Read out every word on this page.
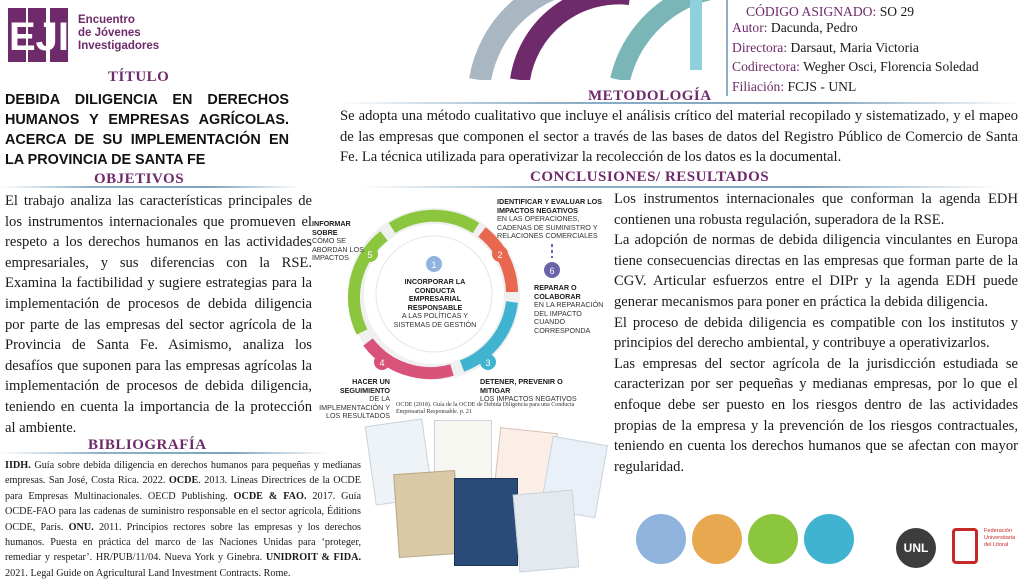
EJI Encuentro
de Jóvenes
Investigadores
CÓDIGO ASIGNADO: SO 29
Autor: Dacunda, Pedro
Directora: Darsaut, Maria Victoria
Codirectora: Wegher Osci, Florencia Soledad
Filiación: FCJS - UNL
TÍTULO
DEBIDA DILIGENCIA EN DERECHOS HUMANOS Y EMPRESAS AGRÍCOLAS. ACERCA DE SU IMPLEMENTACIÓN EN LA PROVINCIA DE SANTA FE
METODOLOGÍA
Se adopta una método cualitativo que incluye el análisis crítico del material recopilado y sistematizado, y el mapeo de las empresas que componen el sector a través de las bases de datos del Registro Público de Comercio de Santa Fe. La técnica utilizada para operativizar la recolección de los datos es la documental.
OBJETIVOS
El trabajo analiza las características principales de los instrumentos internacionales que promueven el respeto a los derechos humanos en las actividades empresariales, y sus diferencias con la RSE. Examina la factibilidad y sugiere estrategias para la implementación de procesos de debida diligencia por parte de las empresas del sector agrícola de la Provincia de Santa Fe. Asimismo, analiza los desafíos que suponen para las empresas agrícolas la implementación de procesos de debida diligencia, teniendo en cuenta la importancia de la protección al ambiente.
CONCLUSIONES/ RESULTADOS
Los instrumentos internacionales que conforman la agenda EDH contienen una robusta regulación, superadora de la RSE.
La adopción de normas de debida diligencia vinculantes en Europa tiene consecuencias directas en las empresas que forman parte de la CGV. Articular esfuerzos entre el DIPr y la agenda EDH puede generar mecanismos para poner en práctica la debida diligencia.
El proceso de debida diligencia es compatible con los institutos y principios del derecho ambiental, y contribuye a operativizarlos.
Las empresas del sector agrícola de la jurisdicción estudiada se caracterizan por ser pequeñas y medianas empresas, por lo que el enfoque debe ser puesto en los riesgos dentro de las actividades propias de la empresa y la prevención de los riesgos contractuales, teniendo en cuenta los derechos humanos que se afectan con mayor regularidad.
1
2
3
4
5
6
INCORPORAR LA CONDUCTA EMPRESARIAL RESPONSABLE
A LAS POLÍTICAS Y SISTEMAS DE GESTIÓN
IDENTIFICAR Y EVALUAR LOS IMPACTOS NEGATIVOS
EN LAS OPERACIONES, CADENAS DE SUMINISTRO Y RELACIONES COMERCIALES
REPARAR O COLABORAR
EN LA REPARACIÓN DEL IMPACTO CUANDO CORRESPONDA
DETENER, PREVENIR O MITIGAR
LOS IMPACTOS NEGATIVOS
HACER UN SEGUIMIENTO
DE LA IMPLEMENTACIÓN Y LOS RESULTADOS
INFORMAR SOBRE
CÓMO SE ABORDAN LOS IMPACTOS
OCDE (2018). Guía de la OCDE de Debida Diligencia para una Conducta Empresarial Responsable. p. 21
BIBLIOGRAFÍA
IIDH. Guía sobre debida diligencia en derechos humanos para pequeñas y medianas empresas. San José, Costa Rica. 2022. OCDE. 2013. Líneas Directrices de la OCDE para Empresas Multinacionales. OECD Publishing. OCDE & FAO. 2017. Guía OCDE-FAO para las cadenas de suministro responsable en el sector agrícola, Éditions OCDE, París. ONU. 2011. Principios rectores sobre las empresas y los derechos humanos. Puesta en práctica del marco de las Naciones Unidas para ‘proteger, remediar y respetar’. HR/PUB/11/04. Nueva York y Ginebra. UNIDROIT & FIDA. 2021. Legal Guide on Agricultural Land Investment Contracts. Rome.
UNL
Federación Universitaria del Litoral
